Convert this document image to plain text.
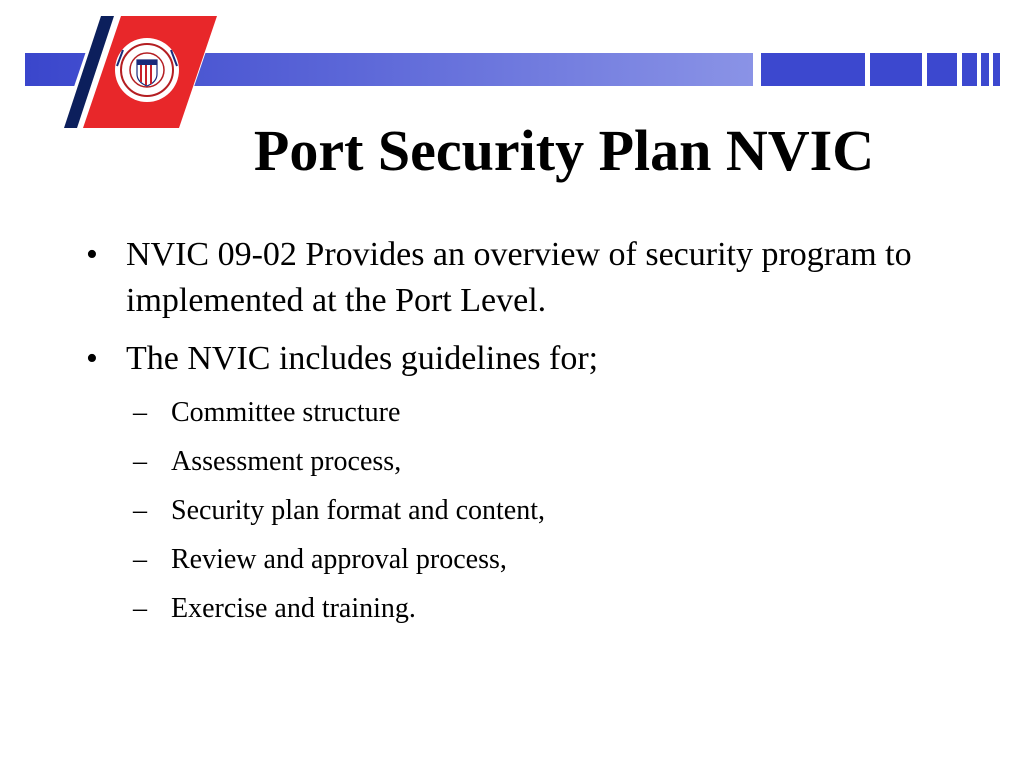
Port Security Plan NVIC
• NVIC 09-02 Provides an overview of security program to implemented at the Port Level.
• The NVIC includes guidelines for;
– Committee structure
– Assessment process,
– Security plan format and content,
– Review and approval process,
– Exercise and training.
